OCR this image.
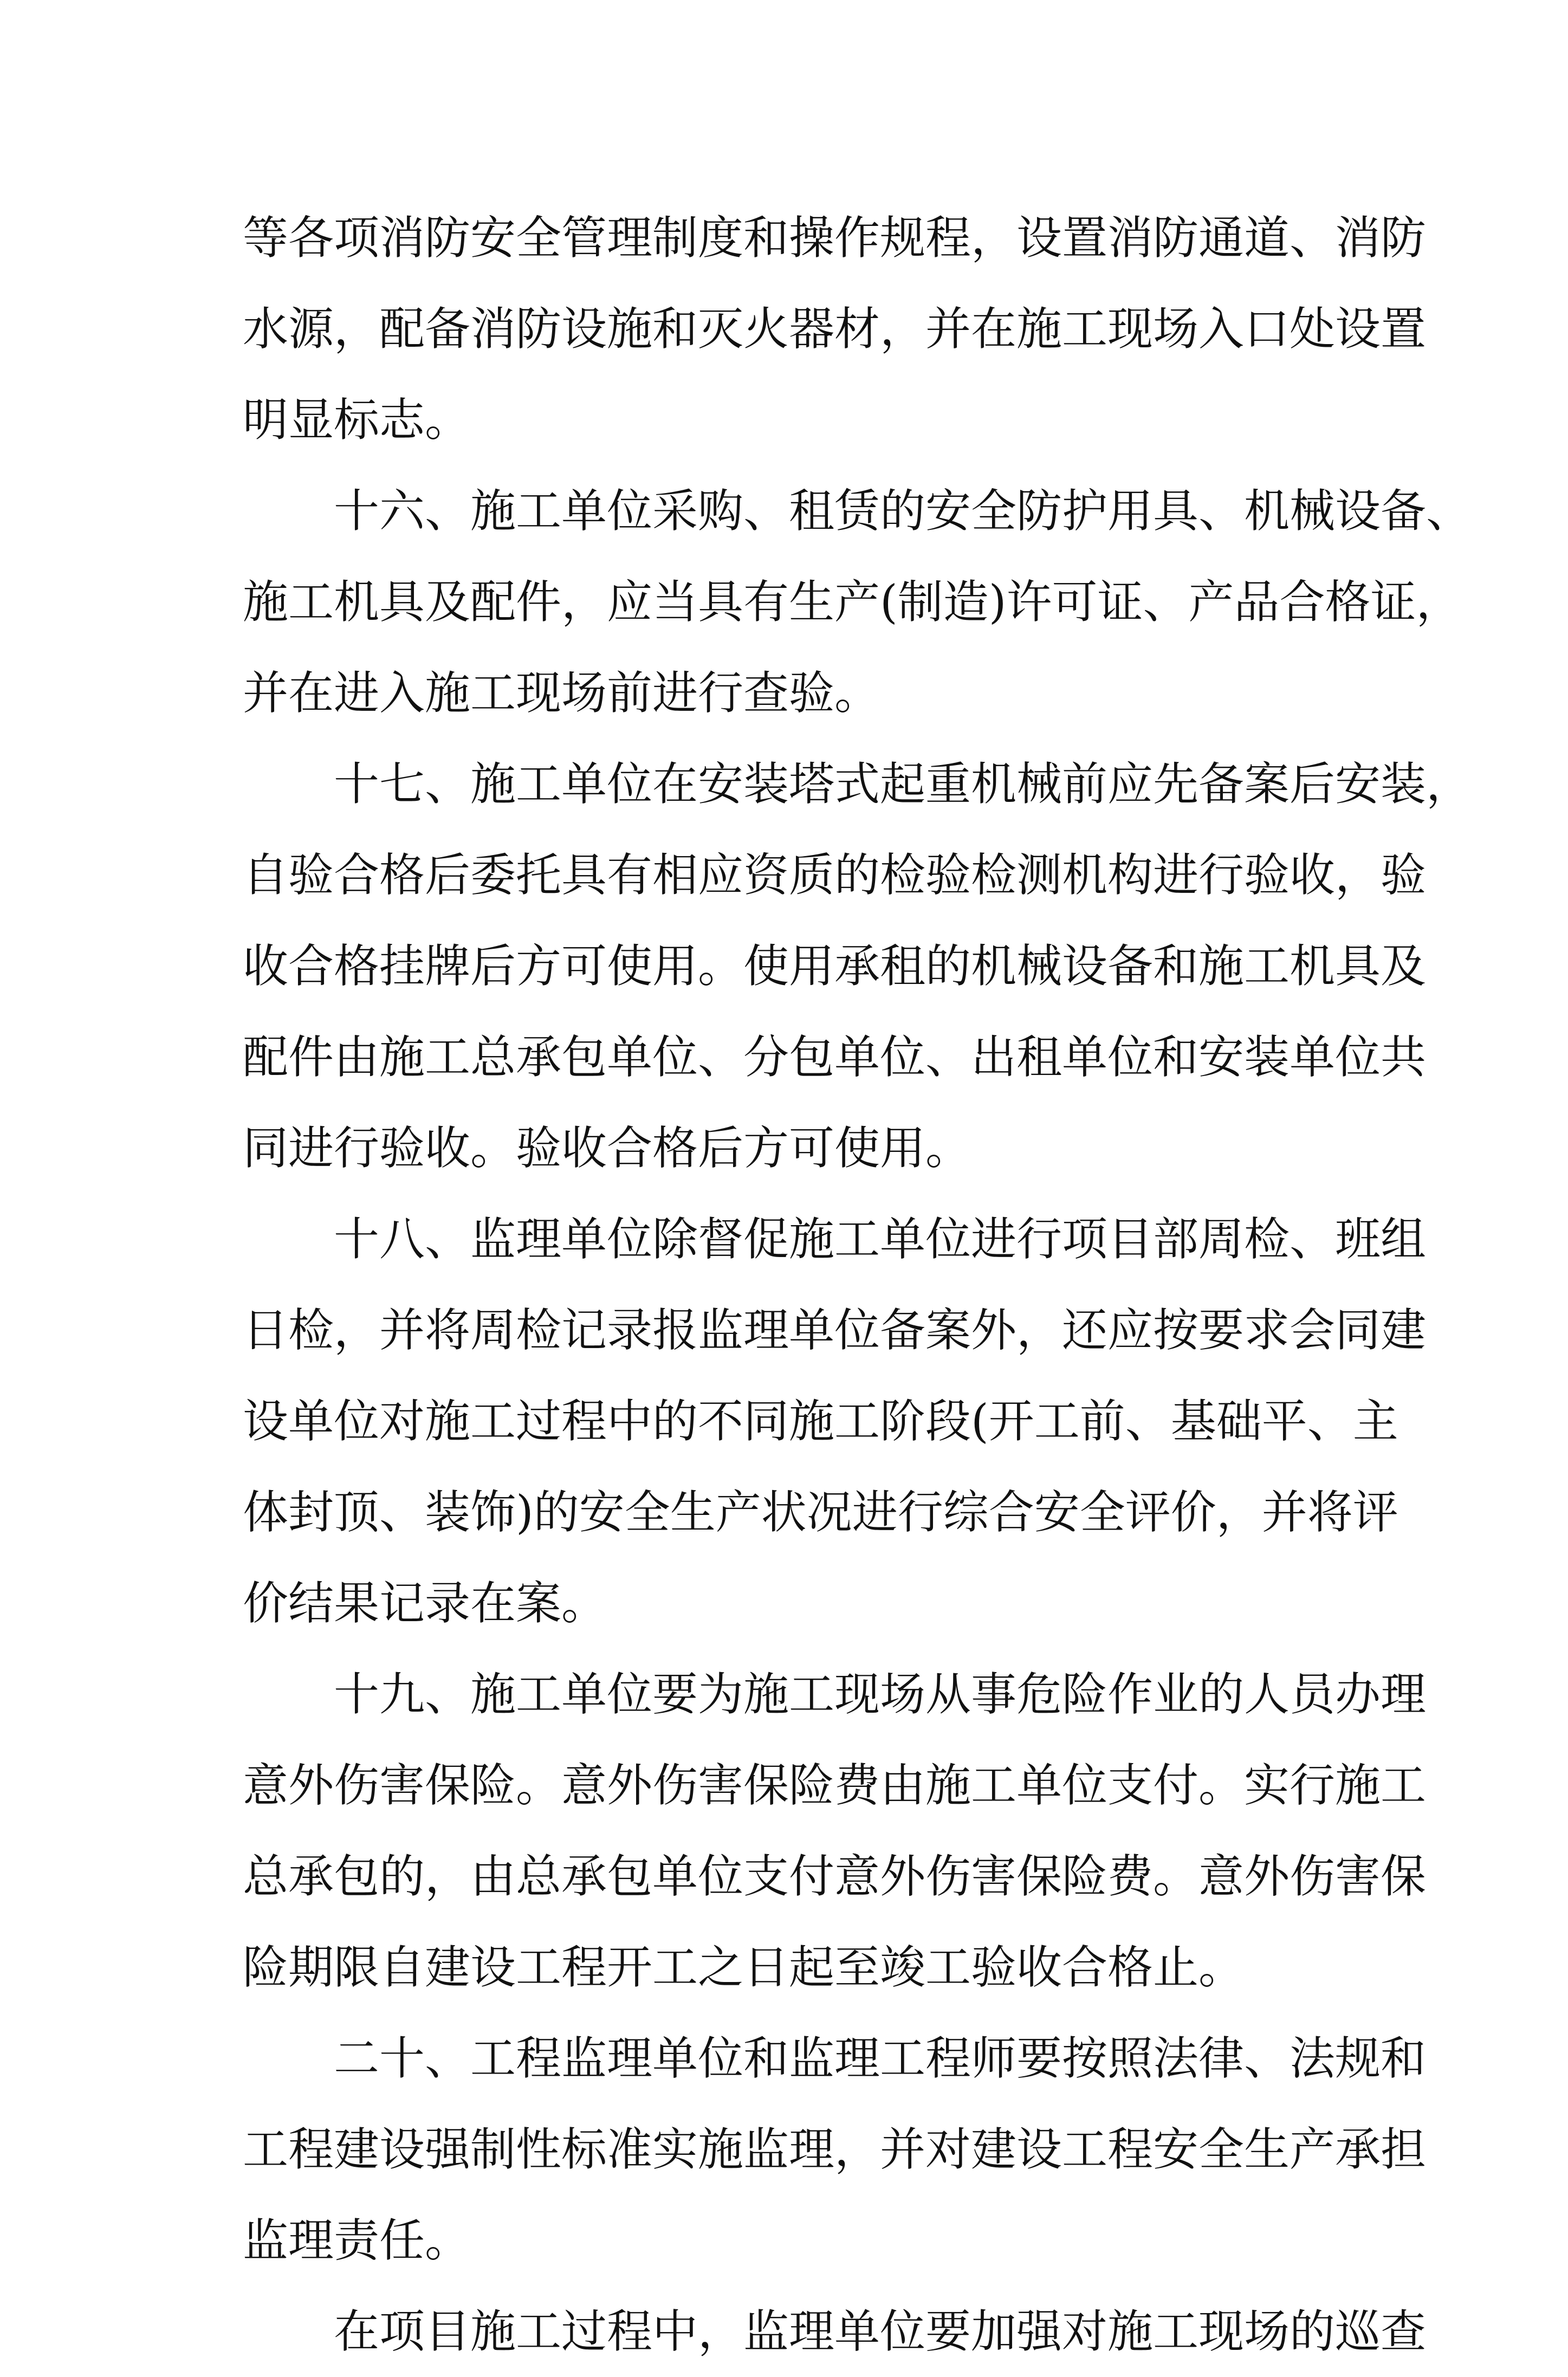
等各项消防安全管理制度和操作规程，设置消防通道、消防
水源，配备消防设施和灭火器材，并在施工现场入口处设置
明显标志。
十六、施工单位采购、租赁的安全防护用具、机械设备、
施工机具及配件，应当具有生产(制造)许可证、产品合格证，
并在进入施工现场前进行查验。
十七、施工单位在安装塔式起重机械前应先备案后安装，
自验合格后委托具有相应资质的检验检测机构进行验收，验
收合格挂牌后方可使用。使用承租的机械设备和施工机具及
配件由施工总承包单位、分包单位、出租单位和安装单位共
同进行验收。验收合格后方可使用。
十八、监理单位除督促施工单位进行项目部周检、班组
日检，并将周检记录报监理单位备案外，还应按要求会同建
设单位对施工过程中的不同施工阶段(开工前、基础平、主
体封顶、装饰)的安全生产状况进行综合安全评价，并将评
价结果记录在案。
十九、施工单位要为施工现场从事危险作业的人员办理
意外伤害保险。意外伤害保险费由施工单位支付。实行施工
总承包的，由总承包单位支付意外伤害保险费。意外伤害保
险期限自建设工程开工之日起至竣工验收合格止。
二十、工程监理单位和监理工程师要按照法律、法规和
工程建设强制性标准实施监理，并对建设工程安全生产承担
监理责任。
在项目施工过程中，监理单位要加强对施工现场的巡查
